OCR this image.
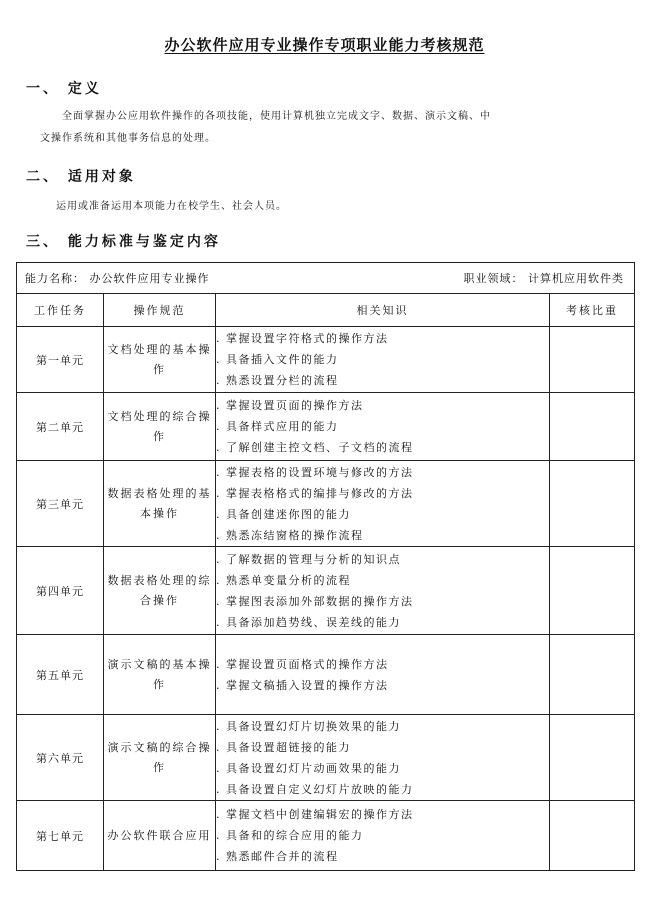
办公软件应用专业操作专项职业能力考核规范
一、 定义
全面掌握办公应用软件操作的各项技能，使用计算机独立完成文字、数据、演示文稿、中
文操作系统和其他事务信息的处理。
二、 适用对象
运用或准备运用本项能力在校学生、社会人员。
三、 能力标准与鉴定内容
能力名称： 办公软件应用专业操作 职业领域： 计算机应用软件类			

工作任务	操作规范	相关知识	考核比重
第一单元	文档处理的基本操作	. 掌握设置字符格式的操作方法
. 具备插入文件的能力
. 熟悉设置分栏的流程

第二单元	文档处理的综合操作	. 掌握设置页面的操作方法
. 具备样式应用的能力
. 了解创建主控文档、子文档的流程

第三单元	数据表格处理的基本操作	. 掌握表格的设置环境与修改的方法
. 掌握表格格式的编排与修改的方法
. 具备创建迷你图的能力
. 熟悉冻结窗格的操作流程

第四单元	数据表格处理的综合操作	. 了解数据的管理与分析的知识点
. 熟悉单变量分析的流程
. 掌握图表添加外部数据的操作方法
. 具备添加趋势线、误差线的能力

第五单元	演示文稿的基本操作	. 掌握设置页面格式的操作方法
. 掌握文稿插入设置的操作方法

第六单元	演示文稿的综合操作	. 具备设置幻灯片切换效果的能力
. 具备设置超链接的能力
. 具备设置幻灯片动画效果的能力
. 具备设置自定义幻灯片放映的能力

第七单元	办公软件联合应用	. 掌握文档中创建编辑宏的操作方法
. 具备和的综合应用的能力
. 熟悉邮件合并的流程
